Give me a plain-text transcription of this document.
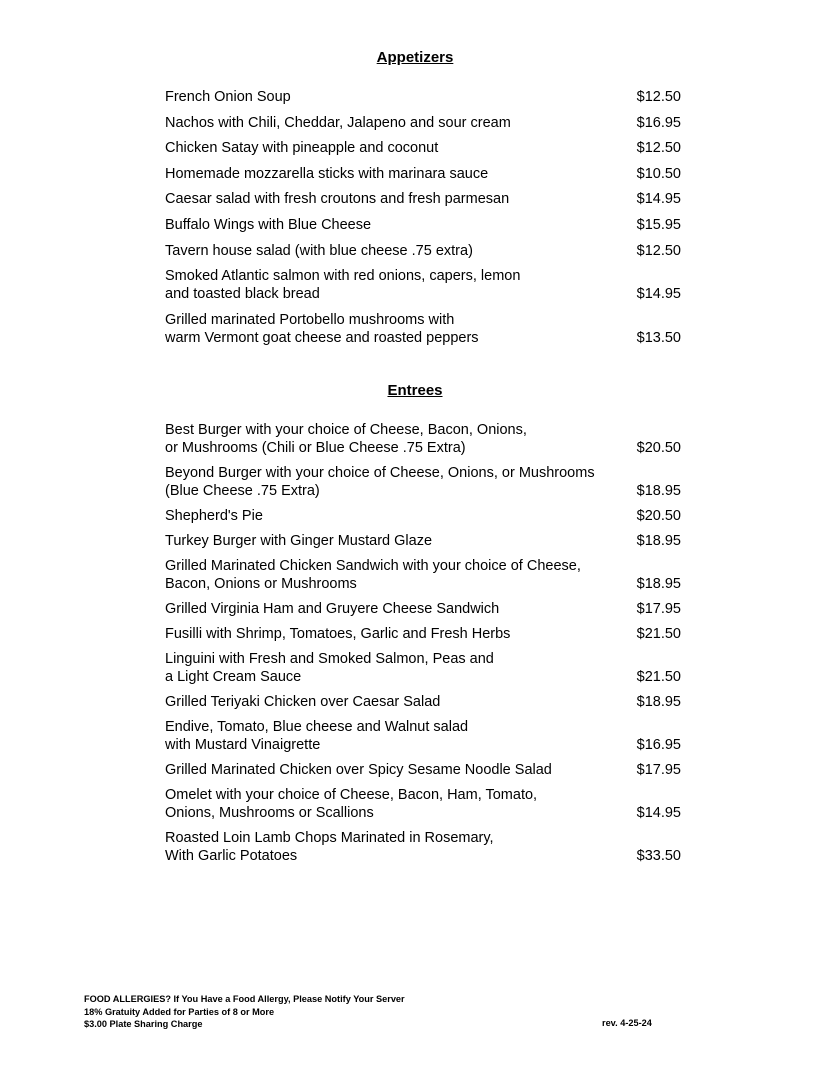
Appetizers
French Onion Soup	$12.50
Nachos with Chili, Cheddar, Jalapeno and sour cream	$16.95
Chicken Satay with pineapple and coconut	$12.50
Homemade mozzarella sticks with marinara sauce	$10.50
Caesar salad with fresh croutons and fresh parmesan	$14.95
Buffalo Wings with Blue Cheese	$15.95
Tavern house salad (with blue cheese .75 extra)	$12.50
Smoked Atlantic salmon with red onions, capers, lemon
and toasted black bread	$14.95
Grilled marinated Portobello mushrooms with
warm Vermont goat cheese and roasted peppers	$13.50
Entrees
Best Burger with your choice of Cheese, Bacon, Onions,
or Mushrooms (Chili or Blue Cheese .75 Extra)	$20.50
Beyond Burger with your choice of Cheese, Onions, or Mushrooms
(Blue Cheese .75 Extra)	$18.95
Shepherd's Pie	$20.50
Turkey Burger with Ginger Mustard Glaze	$18.95
Grilled Marinated Chicken Sandwich with your choice of Cheese,
Bacon, Onions or Mushrooms	$18.95
Grilled Virginia Ham and Gruyere Cheese Sandwich	$17.95
Fusilli with Shrimp, Tomatoes, Garlic and Fresh Herbs	$21.50
Linguini with Fresh and Smoked Salmon, Peas and
a Light Cream Sauce	$21.50
Grilled Teriyaki Chicken over Caesar Salad	$18.95
Endive, Tomato, Blue cheese and Walnut salad
with Mustard Vinaigrette	$16.95
Grilled Marinated Chicken over Spicy Sesame Noodle Salad	$17.95
Omelet with your choice of Cheese, Bacon, Ham, Tomato,
Onions, Mushrooms or Scallions	$14.95
Roasted Loin Lamb Chops Marinated in Rosemary,
With Garlic Potatoes	$33.50
FOOD ALLERGIES? If You Have a Food Allergy, Please Notify Your Server
18% Gratuity Added for Parties of 8 or More
$3.00 Plate Sharing Charge	rev. 4-25-24
